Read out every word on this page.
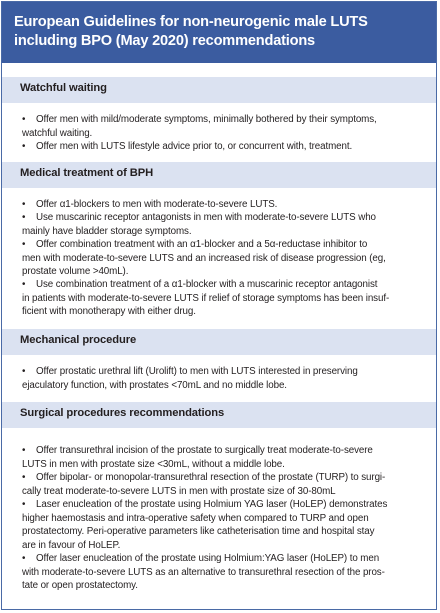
European Guidelines for non-neurogenic male LUTS
including BPO (May 2020) recommendations
Watchful waiting
• Offer men with mild/moderate symptoms, minimally bothered by their symptoms,
watchful waiting.
• Offer men with LUTS lifestyle advice prior to, or concurrent with, treatment.
Medical treatment of BPH
• Offer α1-blockers to men with moderate-to-severe LUTS.
• Use muscarinic receptor antagonists in men with moderate-to-severe LUTS who
mainly have bladder storage symptoms.
• Offer combination treatment with an α1-blocker and a 5α-reductase inhibitor to
men with moderate-to-severe LUTS and an increased risk of disease progression (eg,
prostate volume >40mL).
• Use combination treatment of a α1-blocker with a muscarinic receptor antagonist
in patients with moderate-to-severe LUTS if relief of storage symptoms has been insuf-
ficient with monotherapy with either drug.
Mechanical procedure
• Offer prostatic urethral lift (Urolift) to men with LUTS interested in preserving
ejaculatory function, with prostates <70mL and no middle lobe.
Surgical procedures recommendations
• Offer transurethral incision of the prostate to surgically treat moderate-to-severe
LUTS in men with prostate size <30mL, without a middle lobe.
• Offer bipolar- or monopolar-transurethral resection of the prostate (TURP) to surgi-
cally treat moderate-to-severe LUTS in men with prostate size of 30-80mL
• Laser enucleation of the prostate using Holmium YAG laser (HoLEP) demonstrates
higher haemostasis and intra-operative safety when compared to TURP and open
prostatectomy. Peri-operative parameters like catheterisation time and hospital stay
are in favour of HoLEP.
• Offer laser enucleation of the prostate using Holmium:YAG laser (HoLEP) to men
with moderate-to-severe LUTS as an alternative to transurethral resection of the pros-
tate or open prostatectomy.
